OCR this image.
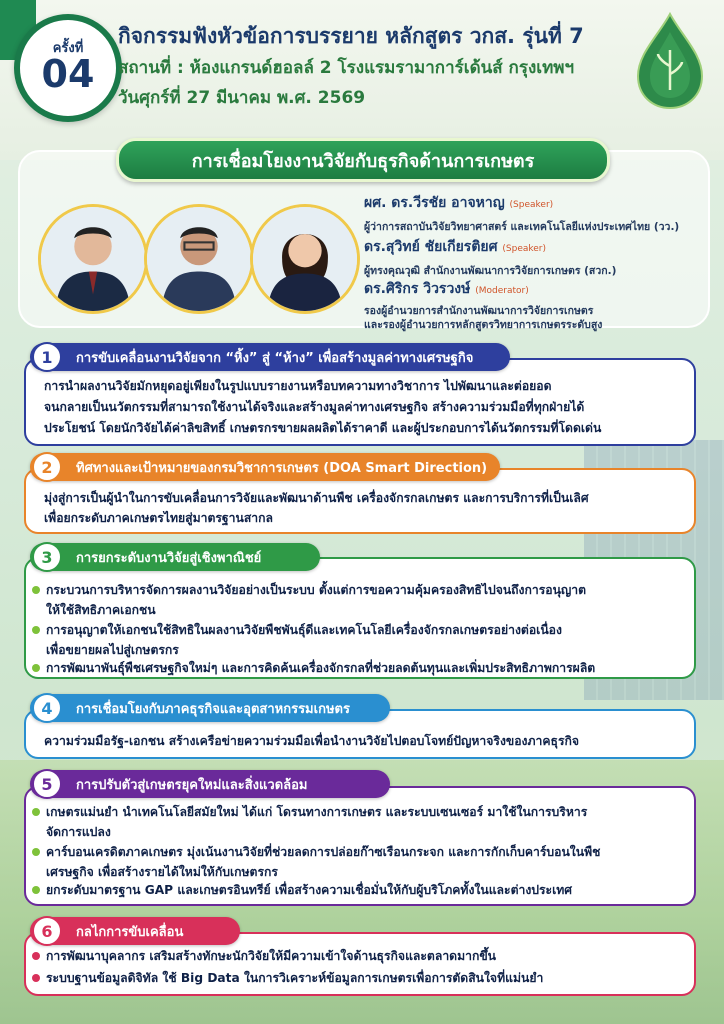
ครั้งที่
04
กิจกรรมฟังหัวข้อการบรรยาย หลักสูตร วกส. รุ่นที่ 7
สถานที่ : ห้องแกรนด์ฮอลล์ 2 โรงแรมรามาการ์เด้นส์ กรุงเทพฯ
วันศุกร์ที่ 27 มีนาคม พ.ศ. 2569
การเชื่อมโยงงานวิจัยกับธุรกิจด้านการเกษตร
ผศ. ดร.วีรชัย อาจหาญ (Speaker)
ผู้ว่าการสถาบันวิจัยวิทยาศาสตร์ และเทคโนโลยีแห่งประเทศไทย (วว.)
ดร.สุวิทย์ ชัยเกียรติยศ (Speaker)
ผู้ทรงคุณวุฒิ สำนักงานพัฒนาการวิจัยการเกษตร (สวก.)
ดร.ศิริกร วิวรวงษ์ (Moderator)
รองผู้อำนวยการสำนักงานพัฒนาการวิจัยการเกษตร
และรองผู้อำนวยการหลักสูตรวิทยาการเกษตรระดับสูง
การขับเคลื่อนงานวิจัยจาก “หิ้ง” สู่ “ห้าง” เพื่อสร้างมูลค่าทางเศรษฐกิจ
1
การนำผลงานวิจัยมักหยุดอยู่เพียงในรูปแบบรายงานหรือบทความทางวิชาการ ไปพัฒนาและต่อยอด
จนกลายเป็นนวัตกรรมที่สามารถใช้งานได้จริงและสร้างมูลค่าทางเศรษฐกิจ สร้างความร่วมมือที่ทุกฝ่ายได้
ประโยชน์ โดยนักวิจัยได้ค่าลิขสิทธิ์ เกษตรกรขายผลผลิตได้ราคาดี และผู้ประกอบการได้นวัตกรรมที่โดดเด่น
ทิศทางและเป้าหมายของกรมวิชาการเกษตร (DOA Smart Direction)
2
มุ่งสู่การเป็นผู้นำในการขับเคลื่อนการวิจัยและพัฒนาด้านพืช เครื่องจักรกลเกษตร และการบริการที่เป็นเลิศ
เพื่อยกระดับภาคเกษตรไทยสู่มาตรฐานสากล
การยกระดับงานวิจัยสู่เชิงพาณิชย์
3
กระบวนการบริหารจัดการผลงานวิจัยอย่างเป็นระบบ ตั้งแต่การขอความคุ้มครองสิทธิไปจนถึงการอนุญาต
ให้ใช้สิทธิภาคเอกชน
การอนุญาตให้เอกชนใช้สิทธิในผลงานวิจัยพืชพันธุ์ดีและเทคโนโลยีเครื่องจักรกลเกษตรอย่างต่อเนื่อง
เพื่อขยายผลไปสู่เกษตรกร
การพัฒนาพันธุ์พืชเศรษฐกิจใหม่ๆ และการคิดค้นเครื่องจักรกลที่ช่วยลดต้นทุนและเพิ่มประสิทธิภาพการผลิต
การเชื่อมโยงกับภาคธุรกิจและอุตสาหกรรมเกษตร
4
ความร่วมมือรัฐ-เอกชน สร้างเครือข่ายความร่วมมือเพื่อนำงานวิจัยไปตอบโจทย์ปัญหาจริงของภาคธุรกิจ
การปรับตัวสู่เกษตรยุคใหม่และสิ่งแวดล้อม
5
เกษตรแม่นยำ นำเทคโนโลยีสมัยใหม่ ได้แก่ โดรนทางการเกษตร และระบบเซนเซอร์ มาใช้ในการบริหาร
จัดการแปลง
คาร์บอนเครดิตภาคเกษตร มุ่งเน้นงานวิจัยที่ช่วยลดการปล่อยก๊าซเรือนกระจก และการกักเก็บคาร์บอนในพืช
เศรษฐกิจ เพื่อสร้างรายได้ใหม่ให้กับเกษตรกร
ยกระดับมาตรฐาน GAP และเกษตรอินทรีย์ เพื่อสร้างความเชื่อมั่นให้กับผู้บริโภคทั้งในและต่างประเทศ
กลไกการขับเคลื่อน
6
การพัฒนาบุคลากร เสริมสร้างทักษะนักวิจัยให้มีความเข้าใจด้านธุรกิจและตลาดมากขึ้น
ระบบฐานข้อมูลดิจิทัล ใช้ Big Data ในการวิเคราะห์ข้อมูลการเกษตรเพื่อการตัดสินใจที่แม่นยำ
